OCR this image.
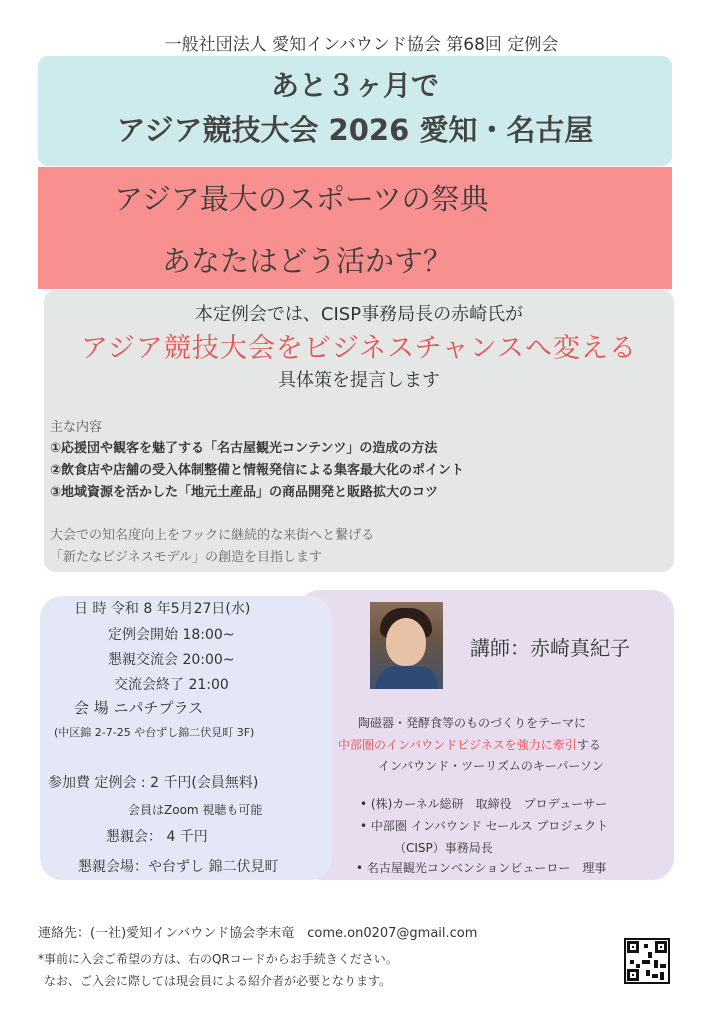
一般社団法人 愛知インバウンド協会 第68回 定例会
あと３ヶ月で
アジア競技大会 2026 愛知・名古屋
アジア最大のスポーツの祭典
あなたはどう活かす？
本定例会では、CISP事務局長の赤崎氏が
アジア競技大会をビジネスチャンスへ変える
具体策を提言します
主な内容
①応援団や観客を魅了する「名古屋観光コンテンツ」の造成の方法
②飲食店や店舗の受入体制整備と情報発信による集客最大化のポイント
③地域資源を活かした「地元土産品」の商品開発と販路拡大のコツ
大会での知名度向上をフックに継続的な来街へと繋げる
「新たなビジネスモデル」の創造を目指します
講師：赤崎真紀子
陶磁器・発酵食等のものづくりをテーマに
中部圏のインバウンドビジネスを強力に牽引する
インバウンド・ツーリズムのキーパーソン
• (株)カーネル総研　取締役　プロデューサー
• 中部圏 インバウンド セールス プロジェクト
（CISP）事務局長
• 名古屋観光コンベンションビューロー　理事
日 時 令和 8 年5月27日(水)
定例会開始 18:00~
懇親交流会 20:00~
交流会終了 21:00
会 場 ニパチプラス
(中区錦 2-7-25 や台ずし錦二伏見町 3F)
参加費 定例会 : 2 千円(会員無料)
会員はZoom 視聴も可能
懇親会： 4 千円
懇親会場：や台ずし 錦二伏見町
連絡先：(一社)愛知インバウンド協会李末竜　come.on0207@gmail.com
*事前に入会ご希望の方は、右のQRコードからお手続きください。
なお、ご入会に際しては現会員による紹介者が必要となります。
